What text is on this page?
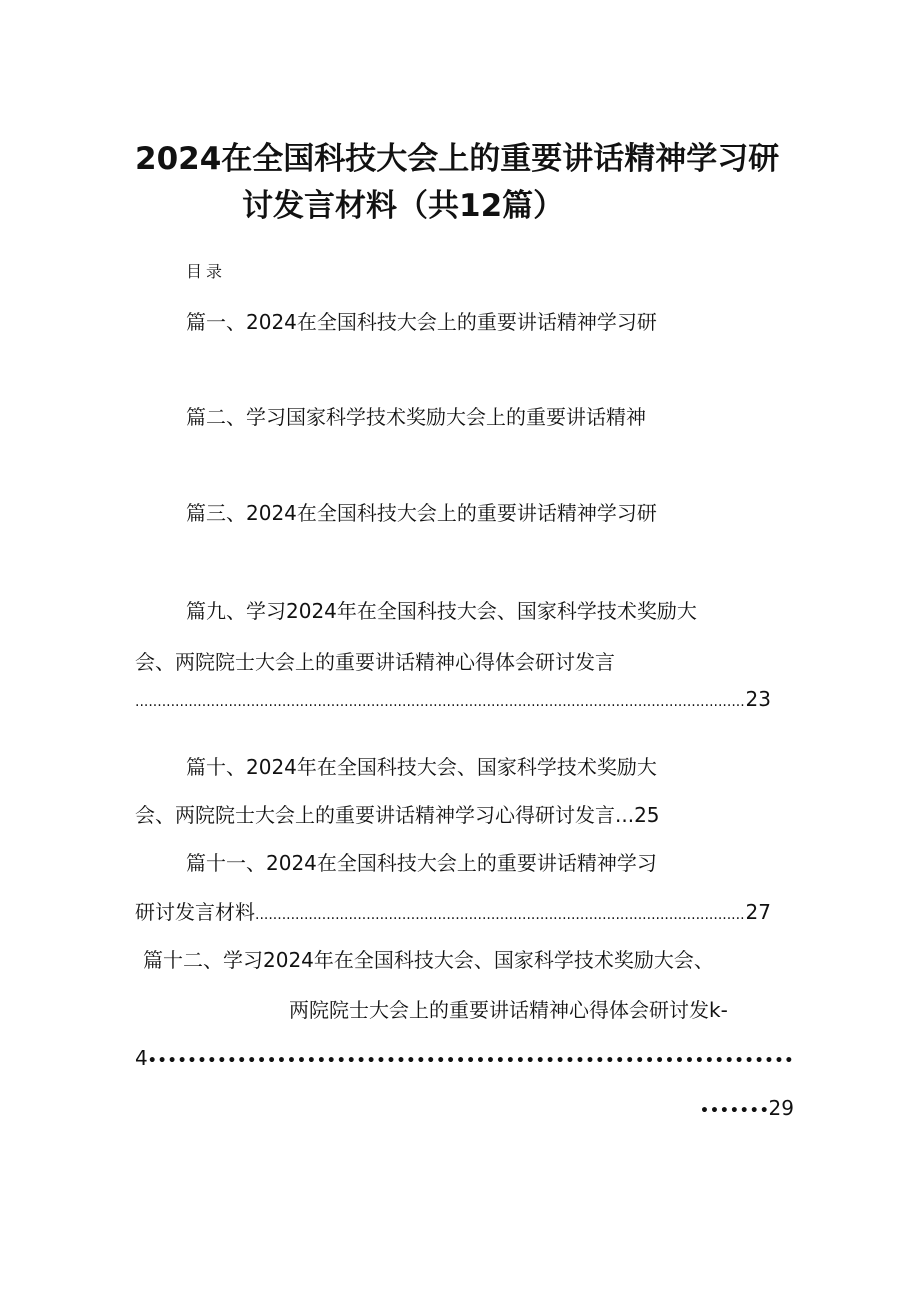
2024在全国科技大会上的重要讲话精神学习研
讨发言材料（共12篇）
目录
篇一、2024在全国科技大会上的重要讲话精神学习研
篇二、学习国家科学技术奖励大会上的重要讲话精神
篇三、2024在全国科技大会上的重要讲话精神学习研
篇九、学习2024年在全国科技大会、国家科学技术奖励大
会、两院院士大会上的重要讲话精神心得体会研讨发言
.....
23
篇十、2024年在全国科技大会、国家科学技术奖励大
会、两院院士大会上的重要讲话精神学习心得研讨发言...25
篇十一、2024在全国科技大会上的重要讲话精神学习
研讨发言材料
.....	27
篇十二、学习2024年在全国科技大会、国家科学技术奖励大会、
两院院士大会上的重要讲话精神心得体会研讨发k-
4
•••••
•••••
29
